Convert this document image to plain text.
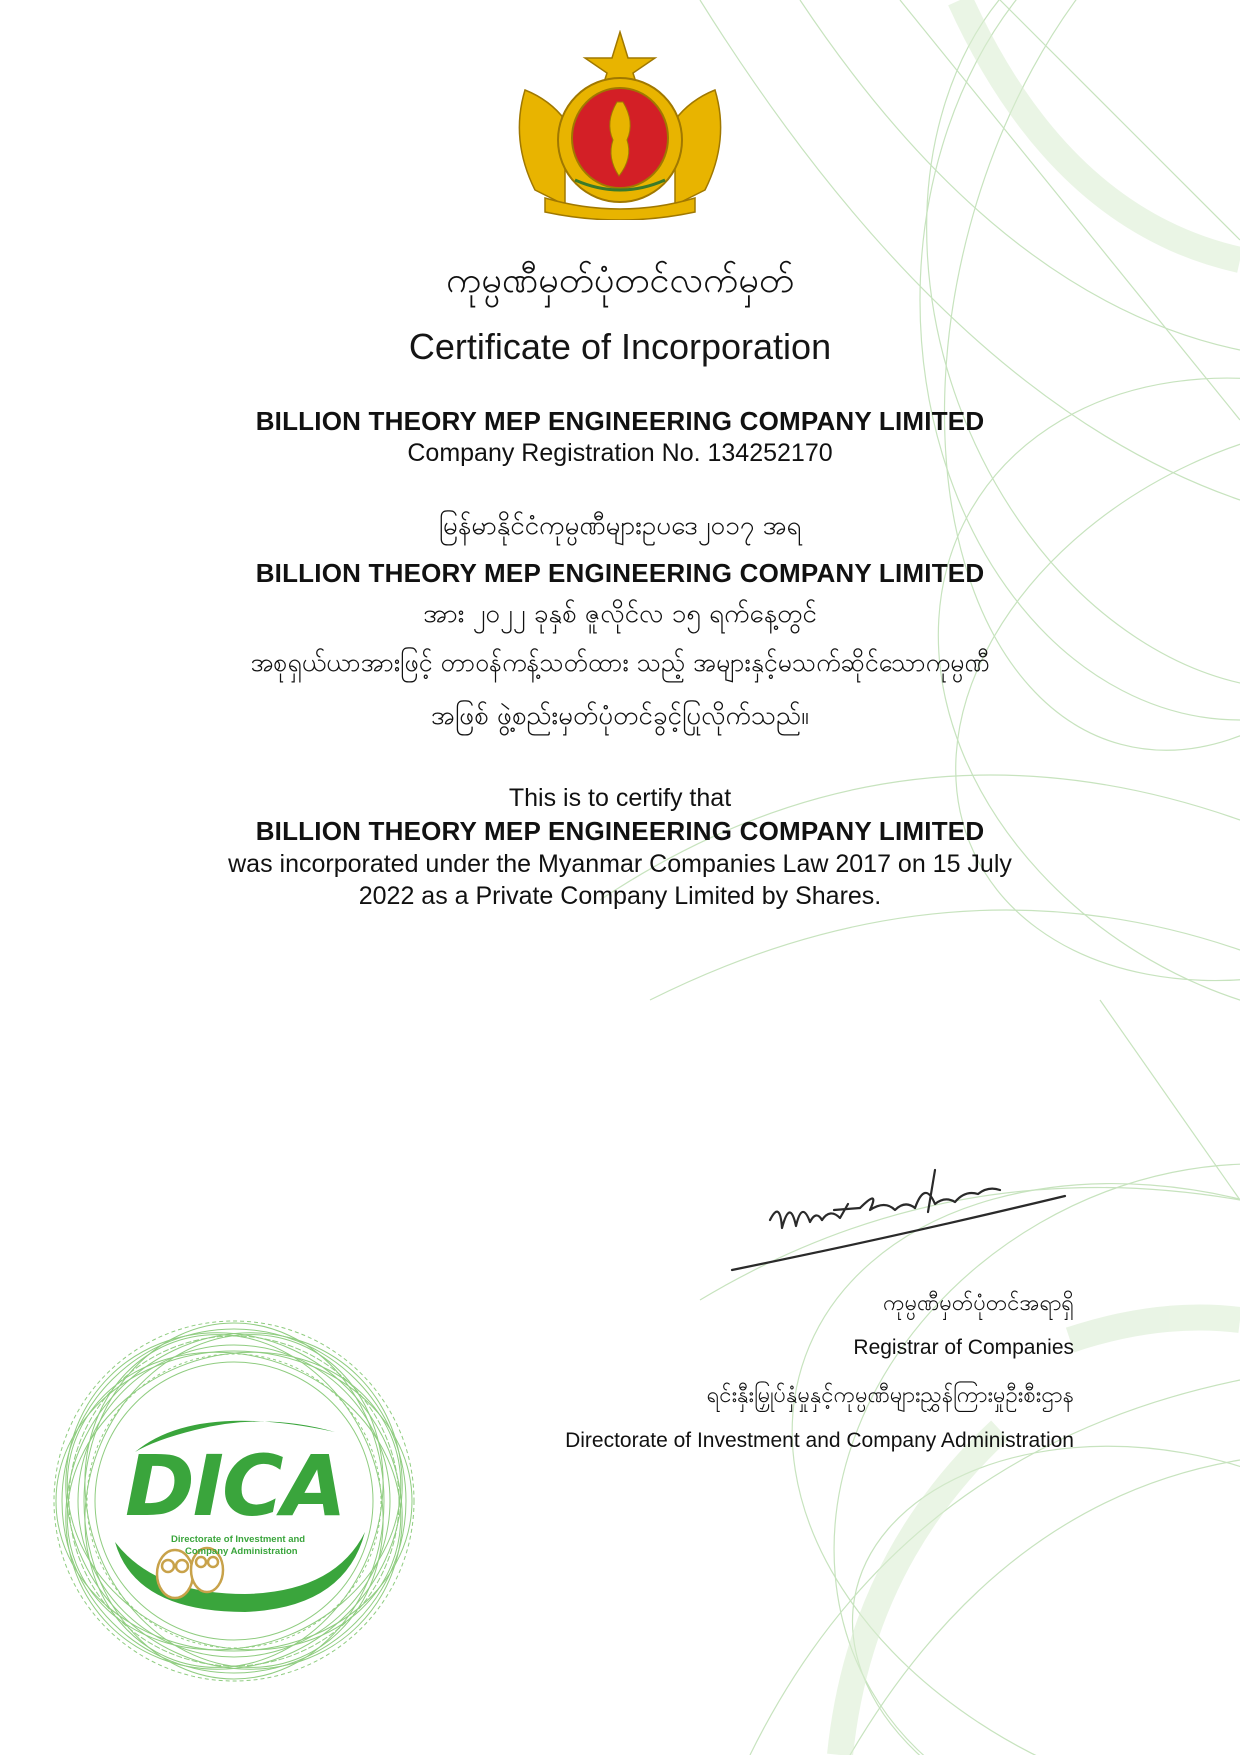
ကုမ္ပဏီမှတ်ပုံတင်လက်မှတ်
Certificate of Incorporation
BILLION THEORY MEP ENGINEERING COMPANY LIMITED
Company Registration No. 134252170
မြန်မာနိုင်ငံကုမ္ပဏီများဥပဒေ၂၀၁၇ အရ
BILLION THEORY MEP ENGINEERING COMPANY LIMITED
အား ၂၀၂၂ ခုနှစ် ဇူလိုင်လ ၁၅ ရက်နေ့တွင်
အစုရှယ်ယာအားဖြင့် တာဝန်ကန့်သတ်ထား သည့် အများနှင့်မသက်ဆိုင်သောကုမ္ပဏီ
အဖြစ် ဖွဲ့စည်းမှတ်ပုံတင်ခွင့်ပြုလိုက်သည်။
This is to certify that
BILLION THEORY MEP ENGINEERING COMPANY LIMITED
was incorporated under the Myanmar Companies Law 2017 on 15 July
2022 as a Private Company Limited by Shares.
ကုမ္ပဏီမှတ်ပုံတင်အရာရှိ
Registrar of Companies
ရင်းနှီးမြှုပ်နှံမှုနှင့်ကုမ္ပဏီများညွှန်ကြားမှုဦးစီးဌာန
Directorate of Investment and Company Administration
DICA
Directorate of Investment and
Company Administration
